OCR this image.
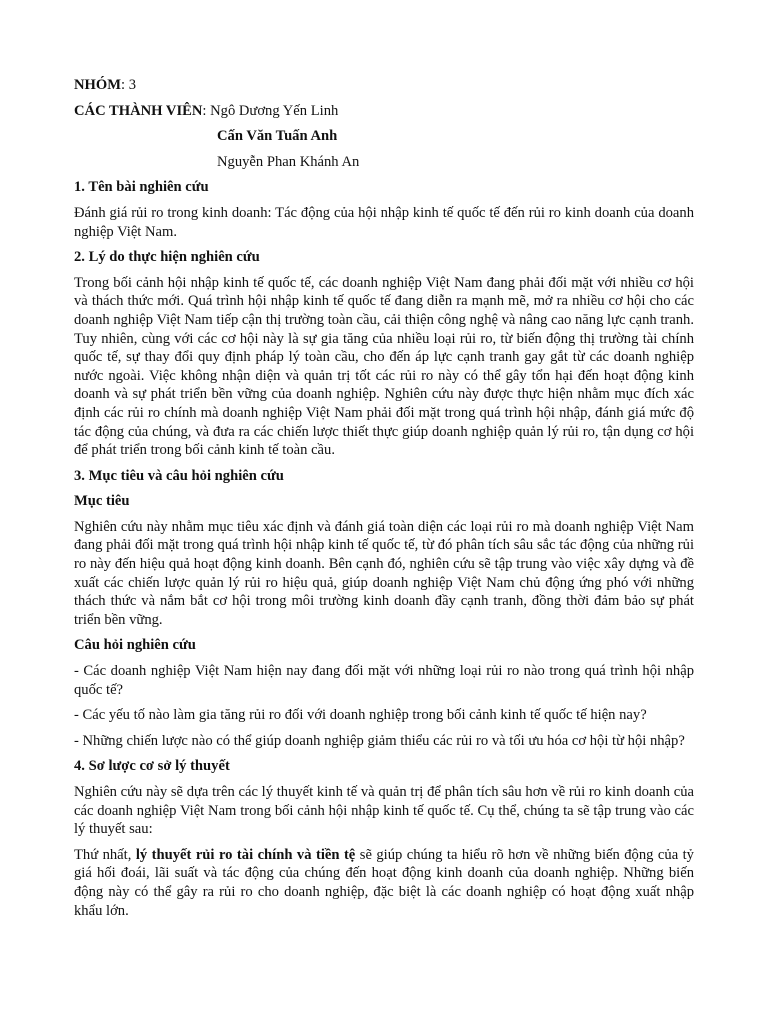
NHÓM: 3

CÁC THÀNH VIÊN: Ngô Dương Yến Linh

Cấn Văn Tuấn Anh

Nguyễn Phan Khánh An

1. Tên bài nghiên cứu

Đánh giá rủi ro trong kinh doanh: Tác động của hội nhập kinh tế quốc tế đến rủi ro kinh doanh của doanh nghiệp Việt Nam.

2. Lý do thực hiện nghiên cứu

Trong bối cảnh hội nhập kinh tế quốc tế, các doanh nghiệp Việt Nam đang phải đối mặt với nhiều cơ hội và thách thức mới. Quá trình hội nhập kinh tế quốc tế đang diễn ra mạnh mẽ, mở ra nhiều cơ hội cho các doanh nghiệp Việt Nam tiếp cận thị trường toàn cầu, cải thiện công nghệ và nâng cao năng lực cạnh tranh. Tuy nhiên, cùng với các cơ hội này là sự gia tăng của nhiều loại rủi ro, từ biến động thị trường tài chính quốc tế, sự thay đổi quy định pháp lý toàn cầu, cho đến áp lực cạnh tranh gay gắt từ các doanh nghiệp nước ngoài. Việc không nhận diện và quản trị tốt các rủi ro này có thể gây tổn hại đến hoạt động kinh doanh và sự phát triển bền vững của doanh nghiệp. Nghiên cứu này được thực hiện nhằm mục đích xác định các rủi ro chính mà doanh nghiệp Việt Nam phải đối mặt trong quá trình hội nhập, đánh giá mức độ tác động của chúng, và đưa ra các chiến lược thiết thực giúp doanh nghiệp quản lý rủi ro, tận dụng cơ hội để phát triển trong bối cảnh kinh tế toàn cầu.

3. Mục tiêu và câu hỏi nghiên cứu

Mục tiêu

Nghiên cứu này nhằm mục tiêu xác định và đánh giá toàn diện các loại rủi ro mà doanh nghiệp Việt Nam đang phải đối mặt trong quá trình hội nhập kinh tế quốc tế, từ đó phân tích sâu sắc tác động của những rủi ro này đến hiệu quả hoạt động kinh doanh. Bên cạnh đó, nghiên cứu sẽ tập trung vào việc xây dựng và đề xuất các chiến lược quản lý rủi ro hiệu quả, giúp doanh nghiệp Việt Nam chủ động ứng phó với những thách thức và nắm bắt cơ hội trong môi trường kinh doanh đầy cạnh tranh, đồng thời đảm bảo sự phát triển bền vững.

Câu hỏi nghiên cứu

- Các doanh nghiệp Việt Nam hiện nay đang đối mặt với những loại rủi ro nào trong quá trình hội nhập quốc tế?

- Các yếu tố nào làm gia tăng rủi ro đối với doanh nghiệp trong bối cảnh kinh tế quốc tế hiện nay?

- Những chiến lược nào có thể giúp doanh nghiệp giảm thiểu các rủi ro và tối ưu hóa cơ hội từ hội nhập?

4. Sơ lược cơ sở lý thuyết

Nghiên cứu này sẽ dựa trên các lý thuyết kinh tế và quản trị để phân tích sâu hơn về rủi ro kinh doanh của các doanh nghiệp Việt Nam trong bối cảnh hội nhập kinh tế quốc tế. Cụ thể, chúng ta sẽ tập trung vào các lý thuyết sau:

Thứ nhất, lý thuyết rủi ro tài chính và tiền tệ sẽ giúp chúng ta hiểu rõ hơn về những biến động của tỷ giá hối đoái, lãi suất và tác động của chúng đến hoạt động kinh doanh của doanh nghiệp. Những biến động này có thể gây ra rủi ro cho doanh nghiệp, đặc biệt là các doanh nghiệp có hoạt động xuất nhập khẩu lớn.
